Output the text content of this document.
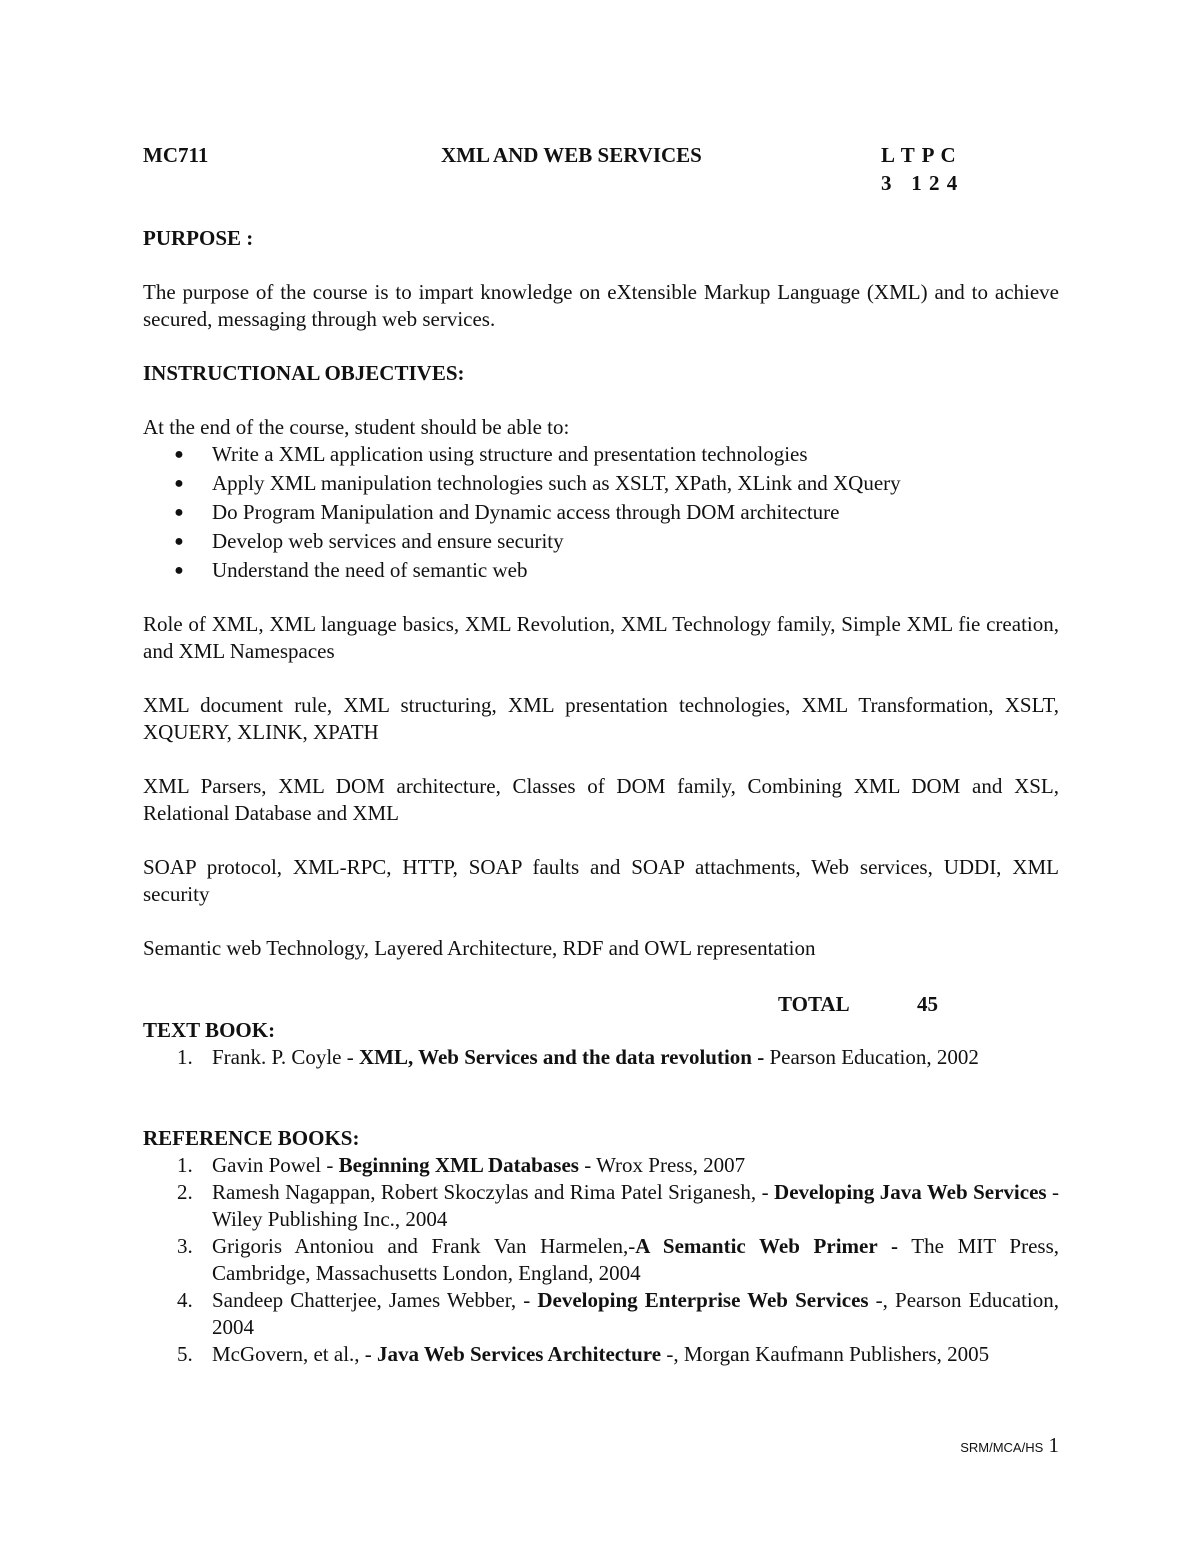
MC711	XML AND WEB SERVICES	L T P C
3   1 2 4
PURPOSE :

The purpose of the course is to impart knowledge on eXtensible Markup Language (XML) and to achieve secured, messaging through web services.

INSTRUCTIONAL OBJECTIVES:
At the end of the course, student should be able to:
● Write a XML application using structure and presentation technologies
● Apply XML manipulation technologies such as XSLT, XPath, XLink and XQuery
● Do Program Manipulation and Dynamic access through DOM architecture
● Develop web services and ensure security
● Understand the need of semantic web

Role of XML, XML language basics, XML Revolution, XML Technology family, Simple XML fie creation, and XML Namespaces

XML document rule, XML structuring, XML presentation technologies, XML Transformation, XSLT, XQUERY, XLINK, XPATH

XML Parsers, XML DOM architecture, Classes of DOM family, Combining XML DOM and XSL, Relational Database and XML

SOAP protocol, XML-RPC, HTTP, SOAP faults and SOAP attachments, Web services, UDDI, XML security

Semantic web Technology, Layered Architecture, RDF and OWL representation

TOTAL	45
TEXT BOOK:
1. Frank. P. Coyle - XML, Web Services and the data revolution - Pearson Education, 2002
REFERENCE BOOKS:
1. Gavin Powel - Beginning XML Databases - Wrox Press, 2007
2. Ramesh Nagappan, Robert Skoczylas and Rima Patel Sriganesh, - Developing Java Web Services - Wiley Publishing Inc., 2004
3. Grigoris Antoniou and Frank Van Harmelen,-A Semantic Web Primer - The MIT Press, Cambridge, Massachusetts London, England, 2004
4. Sandeep Chatterjee, James Webber, - Developing Enterprise Web Services -, Pearson Education, 2004
5. McGovern, et al., - Java Web Services Architecture -, Morgan Kaufmann Publishers, 2005
SRM/MCA/HS 1
